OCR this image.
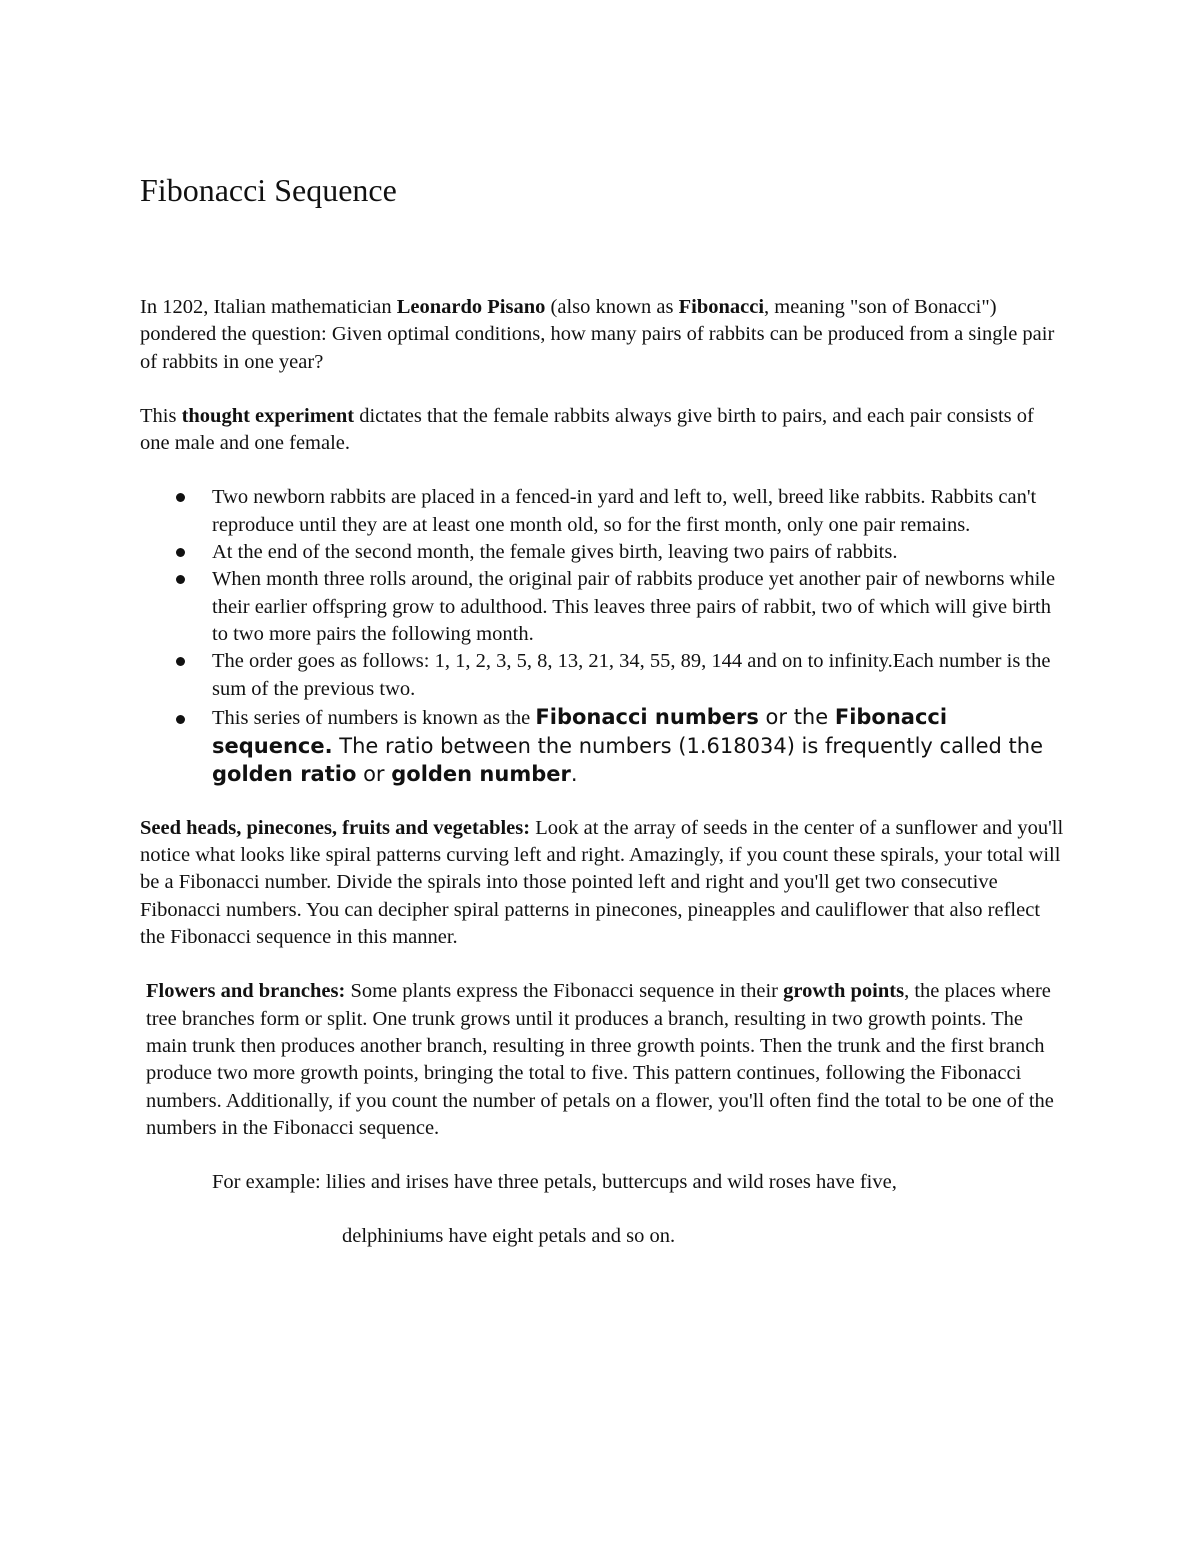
Fibonacci Sequence

In 1202, Italian mathematician Leonardo Pisano (also known as Fibonacci, meaning "son of Bonacci") pondered the question: Given optimal conditions, how many pairs of rabbits can be produced from a single pair of rabbits in one year?

This thought experiment dictates that the female rabbits always give birth to pairs, and each pair consists of one male and one female.

Two newborn rabbits are placed in a fenced-in yard and left to, well, breed like rabbits. Rabbits can't reproduce until they are at least one month old, so for the first month, only one pair remains.
At the end of the second month, the female gives birth, leaving two pairs of rabbits.
When month three rolls around, the original pair of rabbits produce yet another pair of newborns while their earlier offspring grow to adulthood. This leaves three pairs of rabbit, two of which will give birth to two more pairs the following month.
The order goes as follows: 1, 1, 2, 3, 5, 8, 13, 21, 34, 55, 89, 144 and on to infinity.Each number is the sum of the previous two.
This series of numbers is known as the Fibonacci numbers or the Fibonacci sequence. The ratio between the numbers (1.618034) is frequently called the golden ratio or golden number.

Seed heads, pinecones, fruits and vegetables: Look at the array of seeds in the center of a sunflower and you'll notice what looks like spiral patterns curving left and right. Amazingly, if you count these spirals, your total will be a Fibonacci number. Divide the spirals into those pointed left and right and you'll get two consecutive Fibonacci numbers. You can decipher spiral patterns in pinecones, pineapples and cauliflower that also reflect the Fibonacci sequence in this manner.

Flowers and branches: Some plants express the Fibonacci sequence in their growth points, the places where tree branches form or split. One trunk grows until it produces a branch, resulting in two growth points. The main trunk then produces another branch, resulting in three growth points. Then the trunk and the first branch produce two more growth points, bringing the total to five. This pattern continues, following the Fibonacci numbers. Additionally, if you count the number of petals on a flower, you'll often find the total to be one of the numbers in the Fibonacci sequence.

For example: lilies and irises have three petals, buttercups and wild roses have five,

delphiniums have eight petals and so on.
